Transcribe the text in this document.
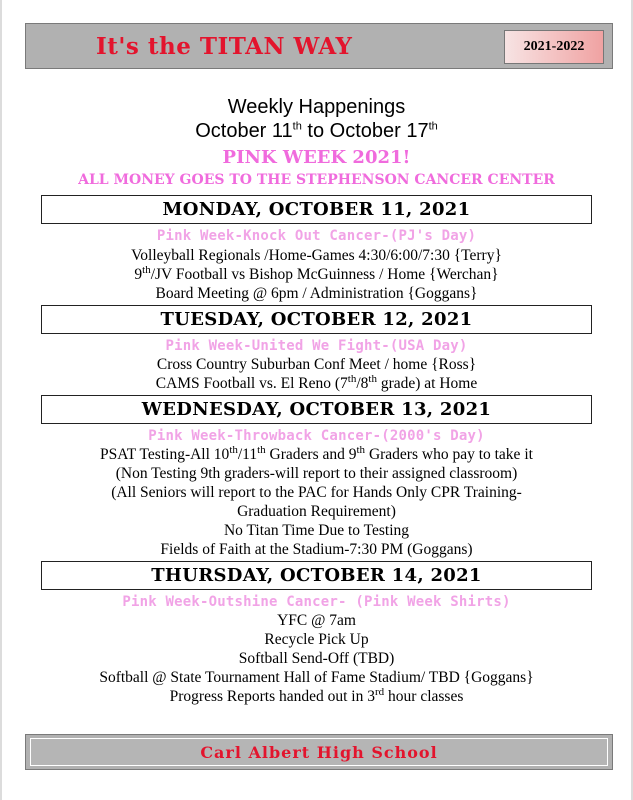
It's the TITAN WAY	2021-2022
Weekly Happenings
October 11th to October 17th
PINK WEEK 2021!
ALL MONEY GOES TO THE STEPHENSON CANCER CENTER
MONDAY, OCTOBER 11, 2021
Pink Week-Knock Out Cancer-(PJ's Day)
Volleyball Regionals /Home-Games 4:30/6:00/7:30 {Terry}
9th/JV Football vs Bishop McGuinness / Home {Werchan}
Board Meeting @ 6pm / Administration {Goggans}
TUESDAY, OCTOBER 12, 2021
Pink Week-United We Fight-(USA Day)
Cross Country Suburban Conf Meet / home {Ross}
CAMS Football vs. El Reno (7th/8th grade) at Home
WEDNESDAY, OCTOBER 13, 2021
Pink Week-Throwback Cancer-(2000's Day)
PSAT Testing-All 10th/11th Graders and 9th Graders who pay to take it
(Non Testing 9th graders-will report to their assigned classroom)
(All Seniors will report to the PAC for Hands Only CPR Training-
Graduation Requirement)
No Titan Time Due to Testing
Fields of Faith at the Stadium-7:30 PM (Goggans)
THURSDAY, OCTOBER 14, 2021
Pink Week-Outshine Cancer- (Pink Week Shirts)
YFC @ 7am
Recycle Pick Up
Softball Send-Off (TBD)
Softball @ State Tournament Hall of Fame Stadium/ TBD {Goggans}
Progress Reports handed out in 3rd hour classes
Carl Albert High School
